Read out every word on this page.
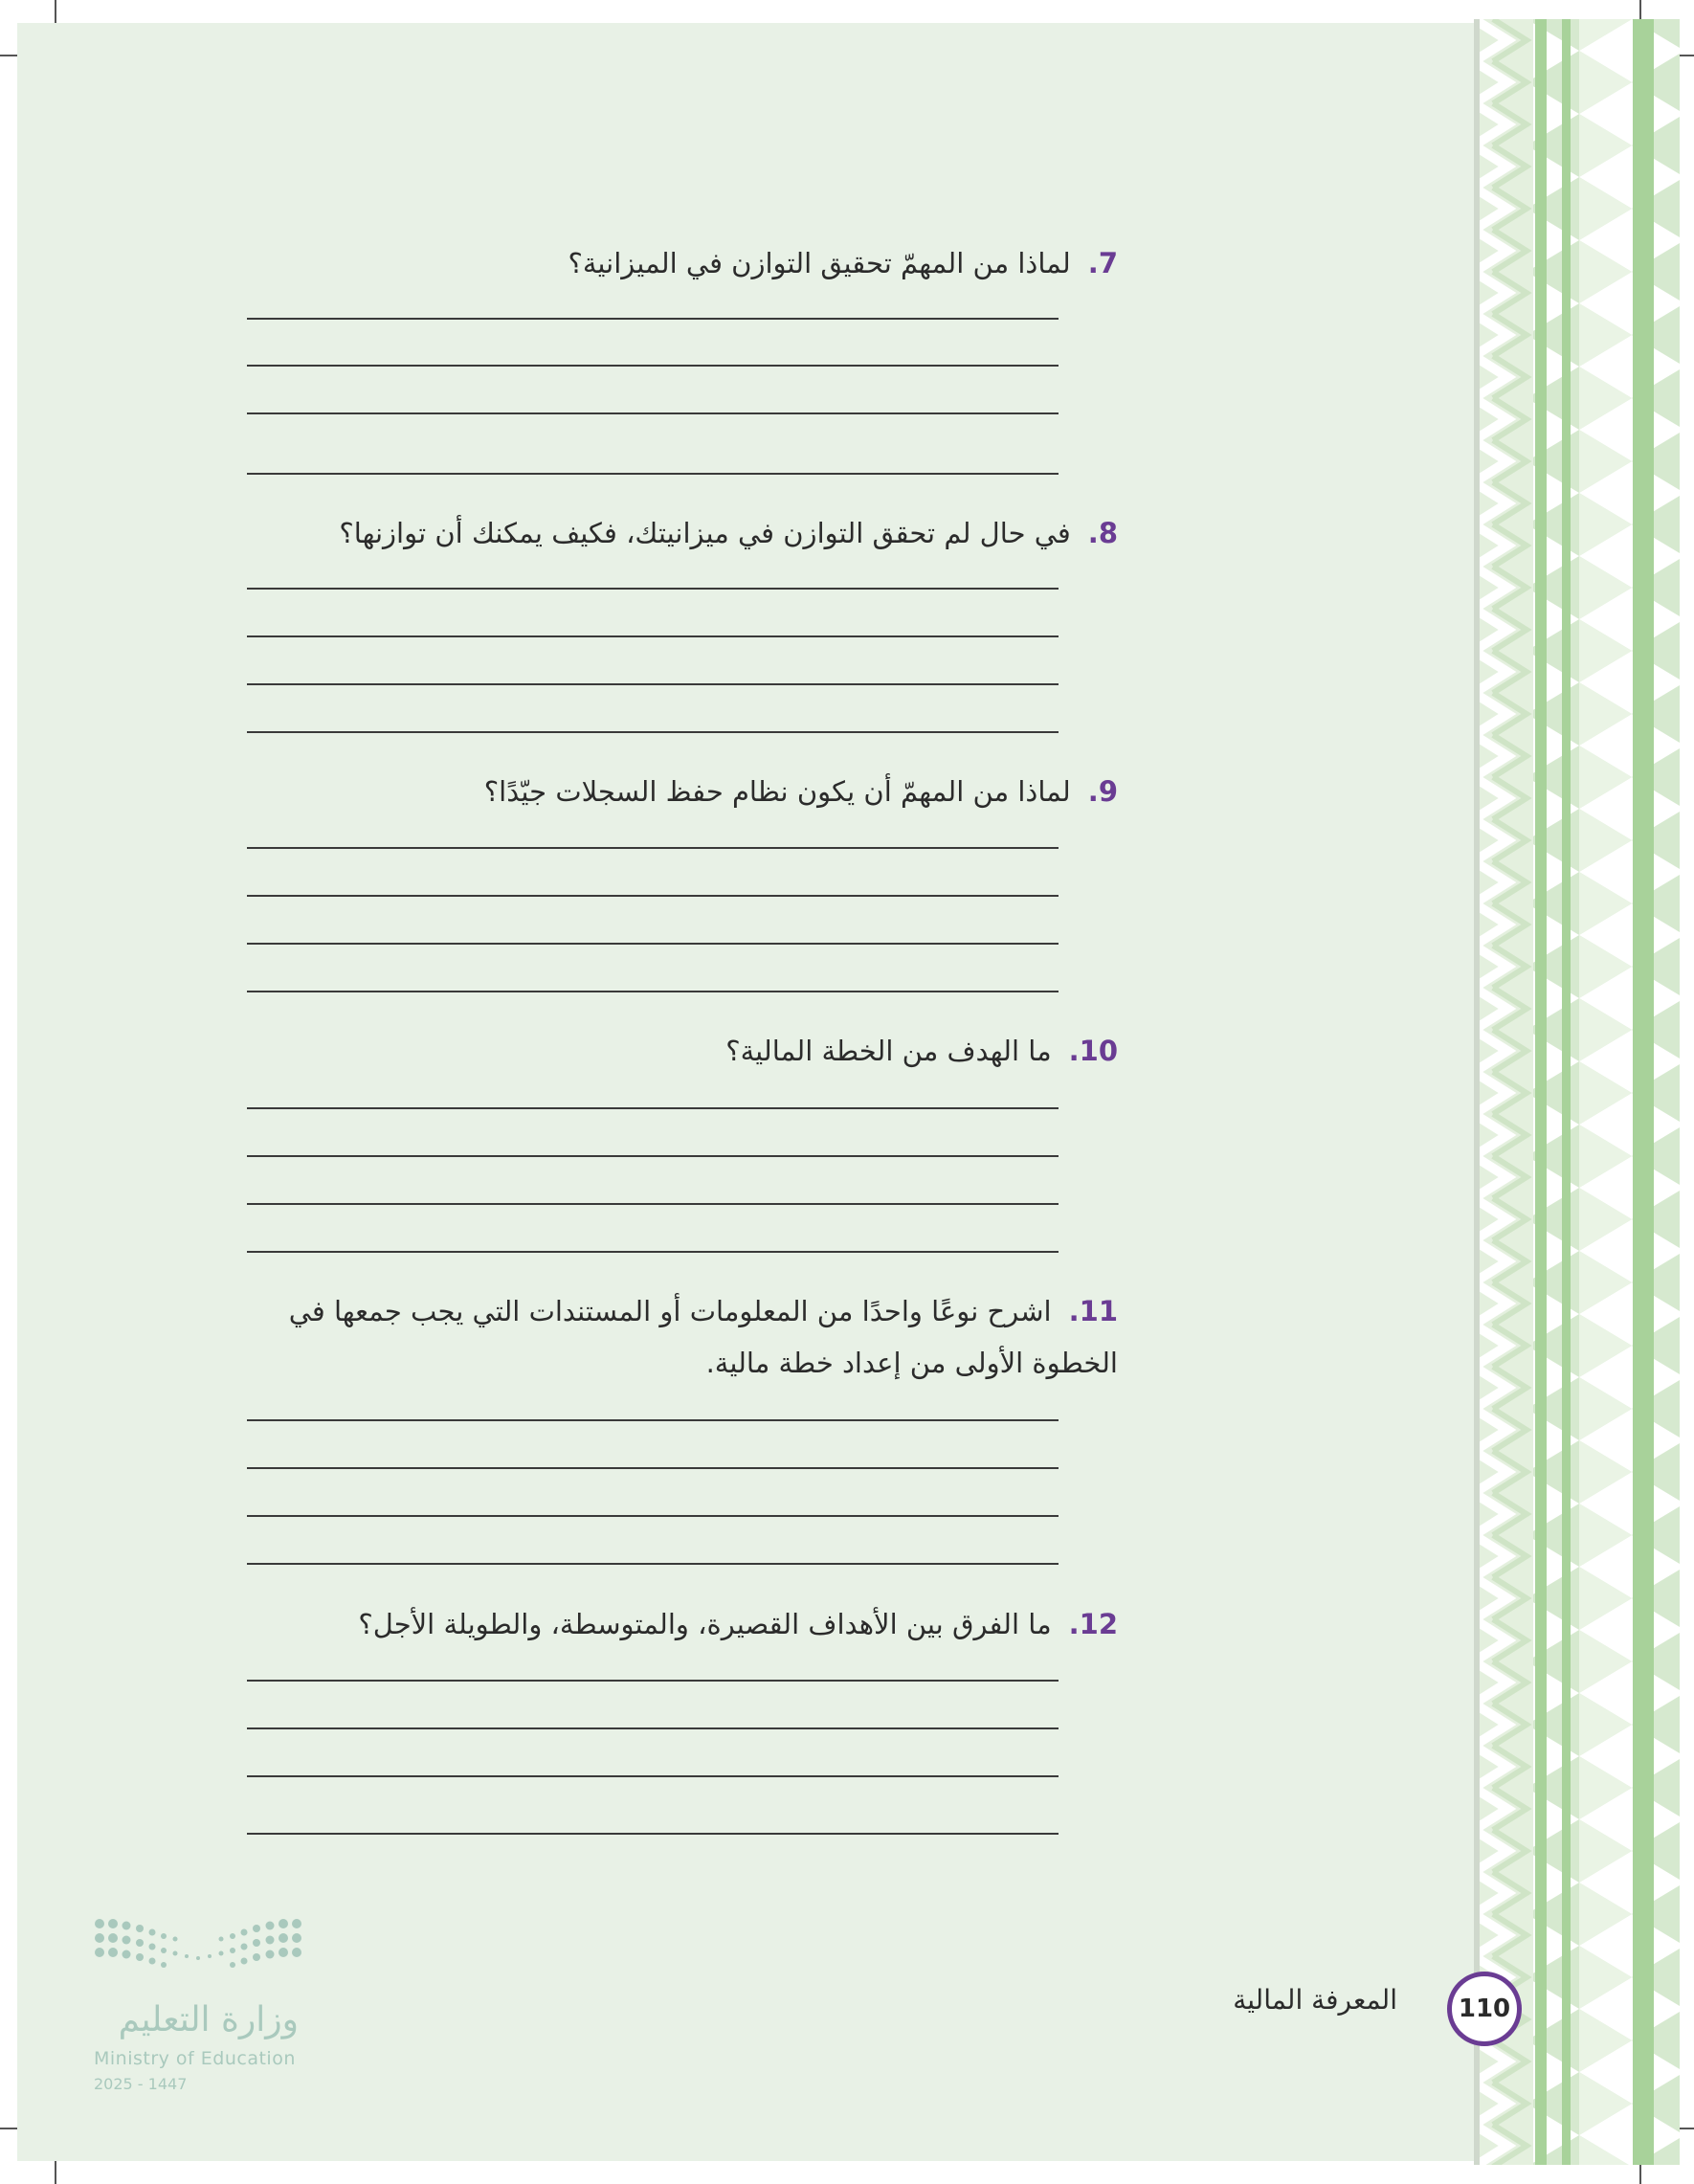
7.لماذا من المهمّ تحقيق التوازن في الميزانية؟
8.في حال لم تحقق التوازن في ميزانيتك، فكيف يمكنك أن توازنها؟
9.لماذا من المهمّ أن يكون نظام حفظ السجلات جيّدًا؟
10.ما الهدف من الخطة المالية؟
11.اشرح نوعًا واحدًا من المعلومات أو المستندات التي يجب جمعها في الخطوة الأولى من إعداد خطة مالية.
12.ما الفرق بين الأهداف القصيرة، والمتوسطة، والطويلة الأجل؟
المعرفة المالية	110
وزارة التعليم
Ministry of Education
2025 - 1447
